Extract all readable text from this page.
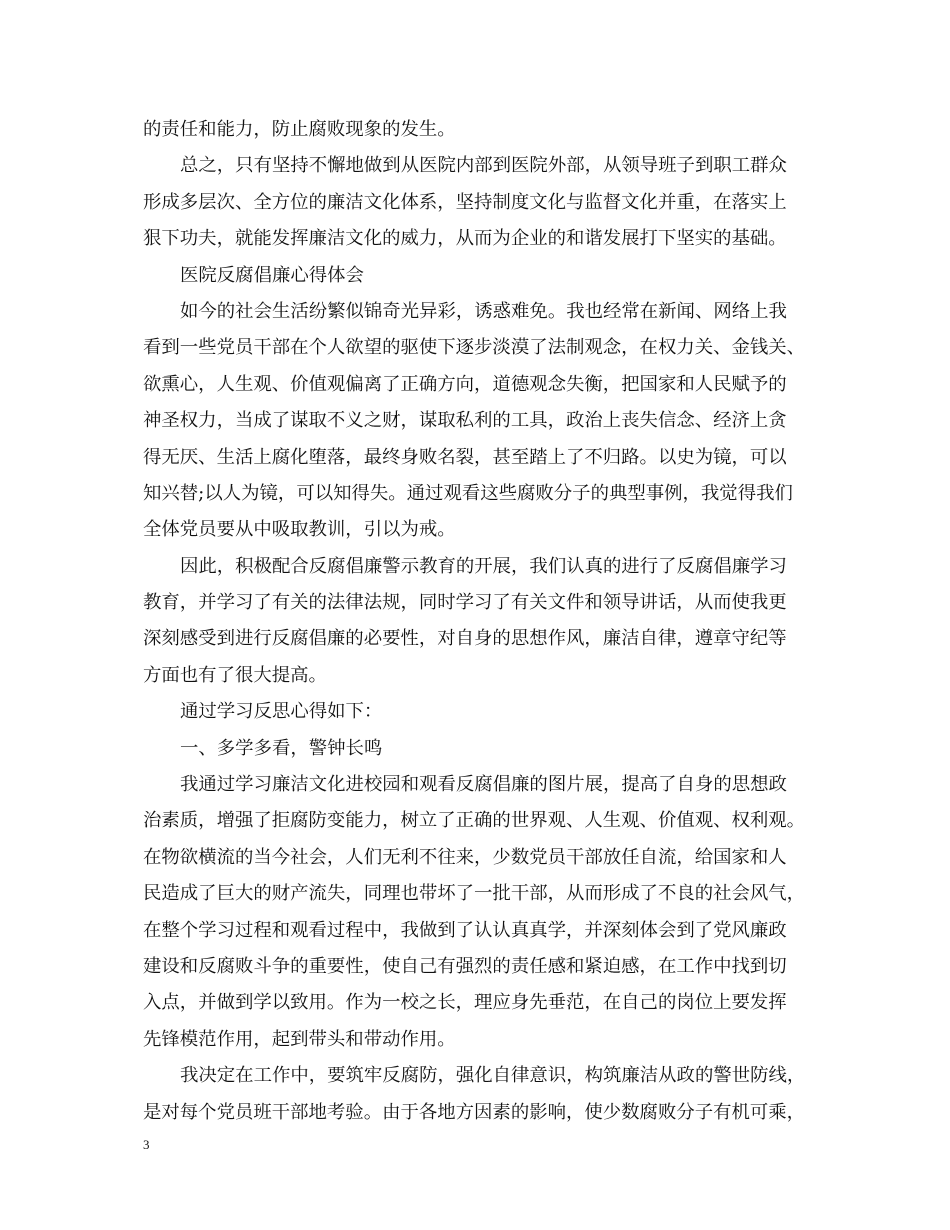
的责任和能力，防止腐败现象的发生。
总之，只有坚持不懈地做到从医院内部到医院外部，从领导班子到职工群众
形成多层次、全方位的廉洁文化体系，坚持制度文化与监督文化并重，在落实上
狠下功夫，就能发挥廉洁文化的威力，从而为企业的和谐发展打下坚实的基础。
医院反腐倡廉心得体会
如今的社会生活纷繁似锦奇光异彩，诱惑难免。我也经常在新闻、网络上我
看到一些党员干部在个人欲望的驱使下逐步淡漠了法制观念，在权力关、金钱关、
欲熏心，人生观、价值观偏离了正确方向，道德观念失衡，把国家和人民赋予的
神圣权力，当成了谋取不义之财，谋取私利的工具，政治上丧失信念、经济上贪
得无厌、生活上腐化堕落，最终身败名裂，甚至踏上了不归路。以史为镜，可以
知兴替;以人为镜，可以知得失。通过观看这些腐败分子的典型事例，我觉得我们
全体党员要从中吸取教训，引以为戒。
因此，积极配合反腐倡廉警示教育的开展，我们认真的进行了反腐倡廉学习
教育，并学习了有关的法律法规，同时学习了有关文件和领导讲话，从而使我更
深刻感受到进行反腐倡廉的必要性，对自身的思想作风，廉洁自律，遵章守纪等
方面也有了很大提高。
通过学习反思心得如下：
一、多学多看，警钟长鸣
我通过学习廉洁文化进校园和观看反腐倡廉的图片展，提高了自身的思想政
治素质，增强了拒腐防变能力，树立了正确的世界观、人生观、价值观、权利观。
在物欲横流的当今社会，人们无利不往来，少数党员干部放任自流，给国家和人
民造成了巨大的财产流失，同理也带坏了一批干部，从而形成了不良的社会风气，
在整个学习过程和观看过程中，我做到了认认真真学，并深刻体会到了党风廉政
建设和反腐败斗争的重要性，使自己有强烈的责任感和紧迫感，在工作中找到切
入点，并做到学以致用。作为一校之长，理应身先垂范，在自己的岗位上要发挥
先锋模范作用，起到带头和带动作用。
我决定在工作中，要筑牢反腐防，强化自律意识，构筑廉洁从政的警世防线，
是对每个党员班干部地考验。由于各地方因素的影响，使少数腐败分子有机可乘，
3
